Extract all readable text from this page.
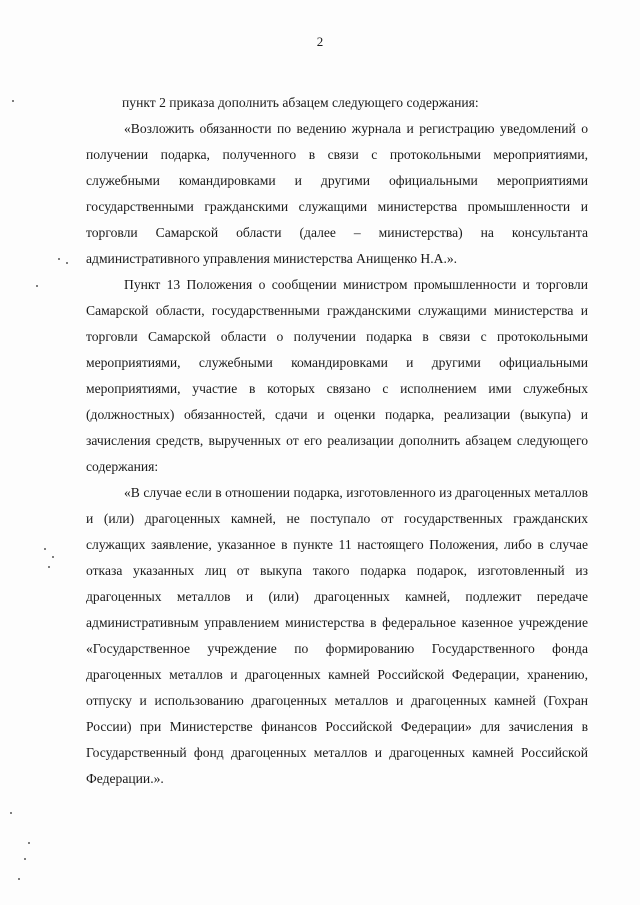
2

пункт 2 приказа дополнить абзацем следующего содержания:

«Возложить обязанности по ведению журнала и регистрацию уведомлений о получении подарка, полученного в связи с протокольными мероприятиями, служебными командировками и другими официальными мероприятиями государственными гражданскими служащими министерства промышленности и торговли Самарской области (далее – министерства) на консультанта административного управления министерства Анищенко Н.А.».

Пункт 13 Положения о сообщении министром промышленности и торговли Самарской области, государственными гражданскими служащими министерства и торговли Самарской области о получении подарка в связи с протокольными мероприятиями, служебными командировками и другими официальными мероприятиями, участие в которых связано с исполнением ими служебных (должностных) обязанностей, сдачи и оценки подарка, реализации (выкупа) и зачисления средств, вырученных от его реализации дополнить абзацем следующего содержания:

«В случае если в отношении подарка, изготовленного из драгоценных металлов и (или) драгоценных камней, не поступало от государственных гражданских служащих заявление, указанное в пункте 11 настоящего Положения, либо в случае отказа указанных лиц от выкупа такого подарка подарок, изготовленный из драгоценных металлов и (или) драгоценных камней, подлежит передаче административным управлением министерства в федеральное казенное учреждение «Государственное учреждение по формированию Государственного фонда драгоценных металлов и драгоценных камней Российской Федерации, хранению, отпуску и использованию драгоценных металлов и драгоценных камней (Гохран России) при Министерстве финансов Российской Федерации» для зачисления в Государственный фонд драгоценных металлов и драгоценных камней Российской Федерации.».
